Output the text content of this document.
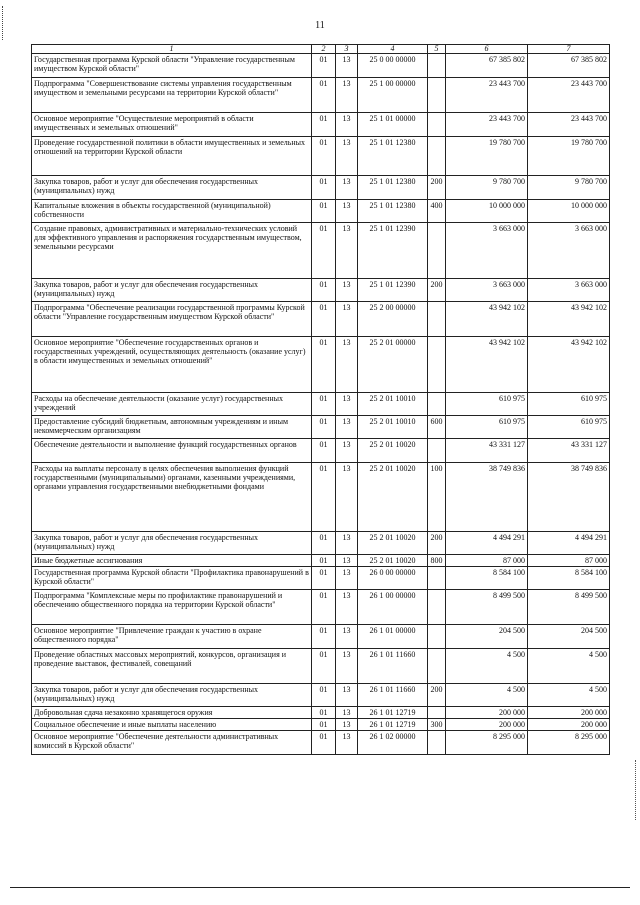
11
1	2	3	4	5	6	7
Государственная программа Курской области "Управление государственным имуществом Курской области"	01	13	25 0 00 00000		67 385 802	67 385 802
Подпрограмма "Совершенствование системы управления государственным имуществом и земельными ресурсами на территории Курской области"	01	13	25 1 00 00000		23 443 700	23 443 700
Основное мероприятие "Осуществление мероприятий в области имущественных и земельных отношений"	01	13	25 1 01 00000		23 443 700	23 443 700
Проведение государственной политики в области имущественных и земельных отношений на территории Курской области	01	13	25 1 01 12380		19 780 700	19 780 700
Закупка товаров, работ и услуг для обеспечения государственных (муниципальных) нужд	01	13	25 1 01 12380	200	9 780 700	9 780 700
Капитальные вложения в объекты государственной (муниципальной) собственности	01	13	25 1 01 12380	400	10 000 000	10 000 000
Создание правовых, административных и материально-технических условий для эффективного управления и распоряжения государственным имуществом, земельными ресурсами	01	13	25 1 01 12390		3 663 000	3 663 000
Закупка товаров, работ и услуг для обеспечения государственных (муниципальных) нужд	01	13	25 1 01 12390	200	3 663 000	3 663 000
Подпрограмма "Обеспечение реализации государственной программы Курской области "Управление государственным имуществом Курской области"	01	13	25 2 00 00000		43 942 102	43 942 102
Основное мероприятие "Обеспечение государственных органов и государственных учреждений, осуществляющих деятельность (оказание услуг) в области имущественных и земельных отношений"	01	13	25 2 01 00000		43 942 102	43 942 102
Расходы на обеспечение деятельности (оказание услуг) государственных учреждений	01	13	25 2 01 10010		610 975	610 975
Предоставление субсидий бюджетным, автономным учреждениям и иным некоммерческим организациям	01	13	25 2 01 10010	600	610 975	610 975
Обеспечение деятельности и выполнение функций государственных органов	01	13	25 2 01 10020		43 331 127	43 331 127
Расходы на выплаты персоналу в целях обеспечения выполнения функций государственными (муниципальными) органами, казенными учреждениями, органами управления государственными внебюджетными фондами	01	13	25 2 01 10020	100	38 749 836	38 749 836
Закупка товаров, работ и услуг для обеспечения государственных (муниципальных) нужд	01	13	25 2 01 10020	200	4 494 291	4 494 291
Иные бюджетные ассигнования	01	13	25 2 01 10020	800	87 000	87 000
Государственная программа Курской области "Профилактика правонарушений в Курской области"	01	13	26 0 00 00000		8 584 100	8 584 100
Подпрограмма "Комплексные меры по профилактике правонарушений и обеспечению общественного порядка на территории Курской области"	01	13	26 1 00 00000		8 499 500	8 499 500
Основное мероприятие "Привлечение граждан к участию в охране общественного порядка"	01	13	26 1 01 00000		204 500	204 500
Проведение областных массовых мероприятий, конкурсов, организация и проведение выставок, фестивалей, совещаний	01	13	26 1 01 11660		4 500	4 500
Закупка товаров, работ и услуг для обеспечения государственных (муниципальных) нужд	01	13	26 1 01 11660	200	4 500	4 500
Добровольная сдача незаконно хранящегося оружия	01	13	26 1 01 12719		200 000	200 000
Социальное обеспечение и иные выплаты населению	01	13	26 1 01 12719	300	200 000	200 000
Основное мероприятие "Обеспечение деятельности административных комиссий в Курской области"	01	13	26 1 02 00000		8 295 000	8 295 000
